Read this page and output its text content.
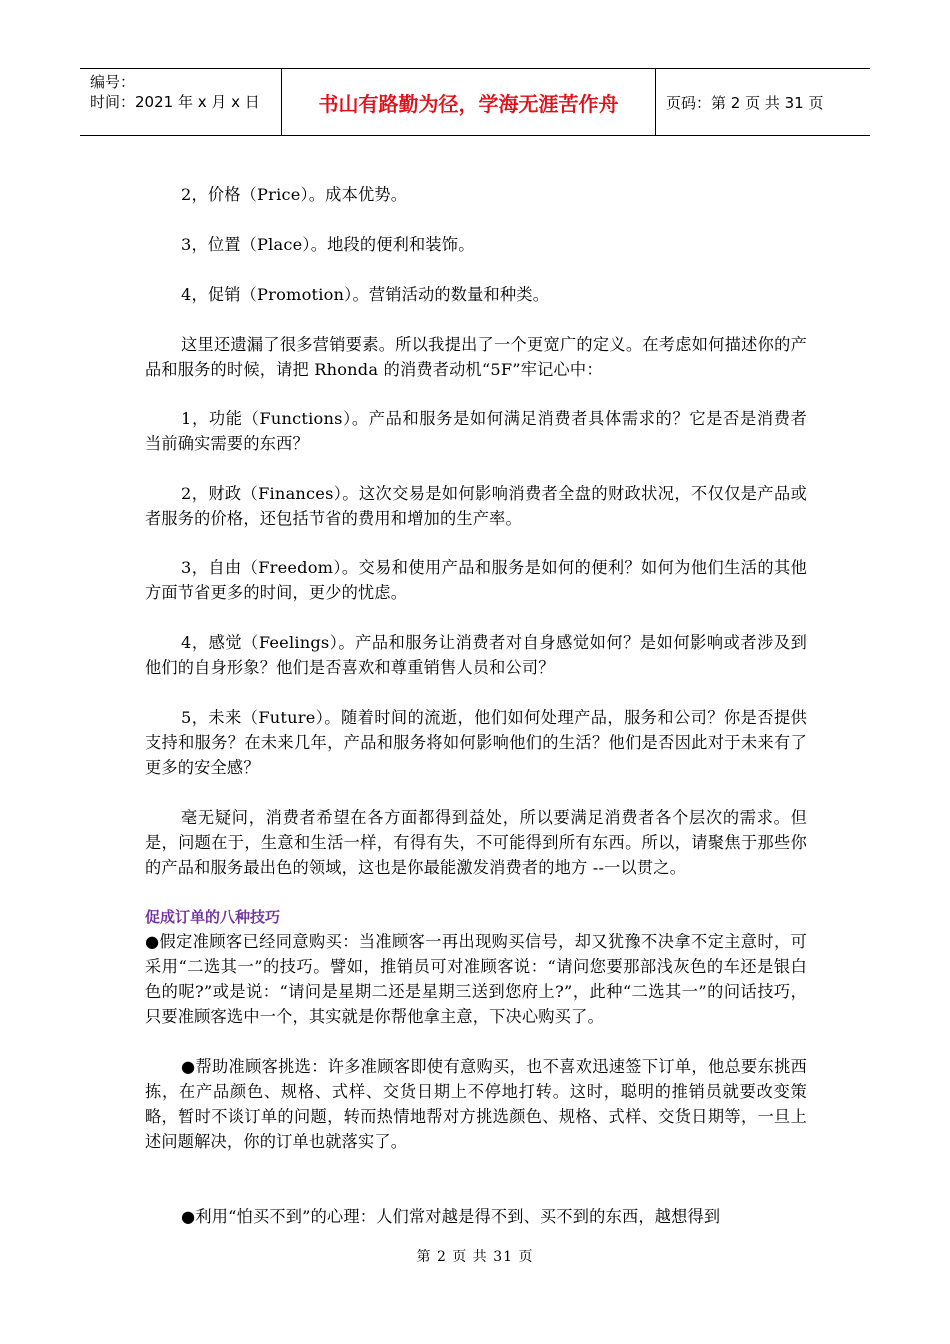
编号：
时间：2021 年 x 月 x 日	书山有路勤为径，学海无涯苦作舟	页码：第 2 页 共 31 页

2，价格（Price）。成本优势。

3，位置（Place）。地段的便利和装饰。

4，促销（Promotion）。营销活动的数量和种类。

这里还遗漏了很多营销要素。所以我提出了一个更宽广的定义。在考虑如何描述你的产品和服务的时候，请把 Rhonda 的消费者动机“5F”牢记心中：

1，功能（Functions）。产品和服务是如何满足消费者具体需求的？它是否是消费者当前确实需要的东西？

2，财政（Finances）。这次交易是如何影响消费者全盘的财政状况，不仅仅是产品或者服务的价格，还包括节省的费用和增加的生产率。

3，自由（Freedom）。交易和使用产品和服务是如何的便利？如何为他们生活的其他方面节省更多的时间，更少的忧虑。

4，感觉（Feelings）。产品和服务让消费者对自身感觉如何？是如何影响或者涉及到他们的自身形象？他们是否喜欢和尊重销售人员和公司？

5，未来（Future）。随着时间的流逝，他们如何处理产品，服务和公司？你是否提供支持和服务？在未来几年，产品和服务将如何影响他们的生活？他们是否因此对于未来有了更多的安全感？

毫无疑问，消费者希望在各方面都得到益处，所以要满足消费者各个层次的需求。但是，问题在于，生意和生活一样，有得有失，不可能得到所有东西。所以，请聚焦于那些你的产品和服务最出色的领域，这也是你最能激发消费者的地方 --一以贯之。

促成订单的八种技巧

●假定准顾客已经同意购买：当准顾客一再出现购买信号，却又犹豫不决拿不定主意时，可采用“二选其一”的技巧。譬如，推销员可对准顾客说：“请问您要那部浅灰色的车还是银白色的呢?”或是说：“请问是星期二还是星期三送到您府上?”，此种“二选其一”的问话技巧，只要准顾客选中一个，其实就是你帮他拿主意，下决心购买了。

●帮助准顾客挑选：许多准顾客即使有意购买，也不喜欢迅速签下订单，他总要东挑西拣，在产品颜色、规格、式样、交货日期上不停地打转。这时，聪明的推销员就要改变策略，暂时不谈订单的问题，转而热情地帮对方挑选颜色、规格、式样、交货日期等，一旦上述问题解决，你的订单也就落实了。

●利用“怕买不到”的心理：人们常对越是得不到、买不到的东西，越想得到

第 2 页 共 31 页
